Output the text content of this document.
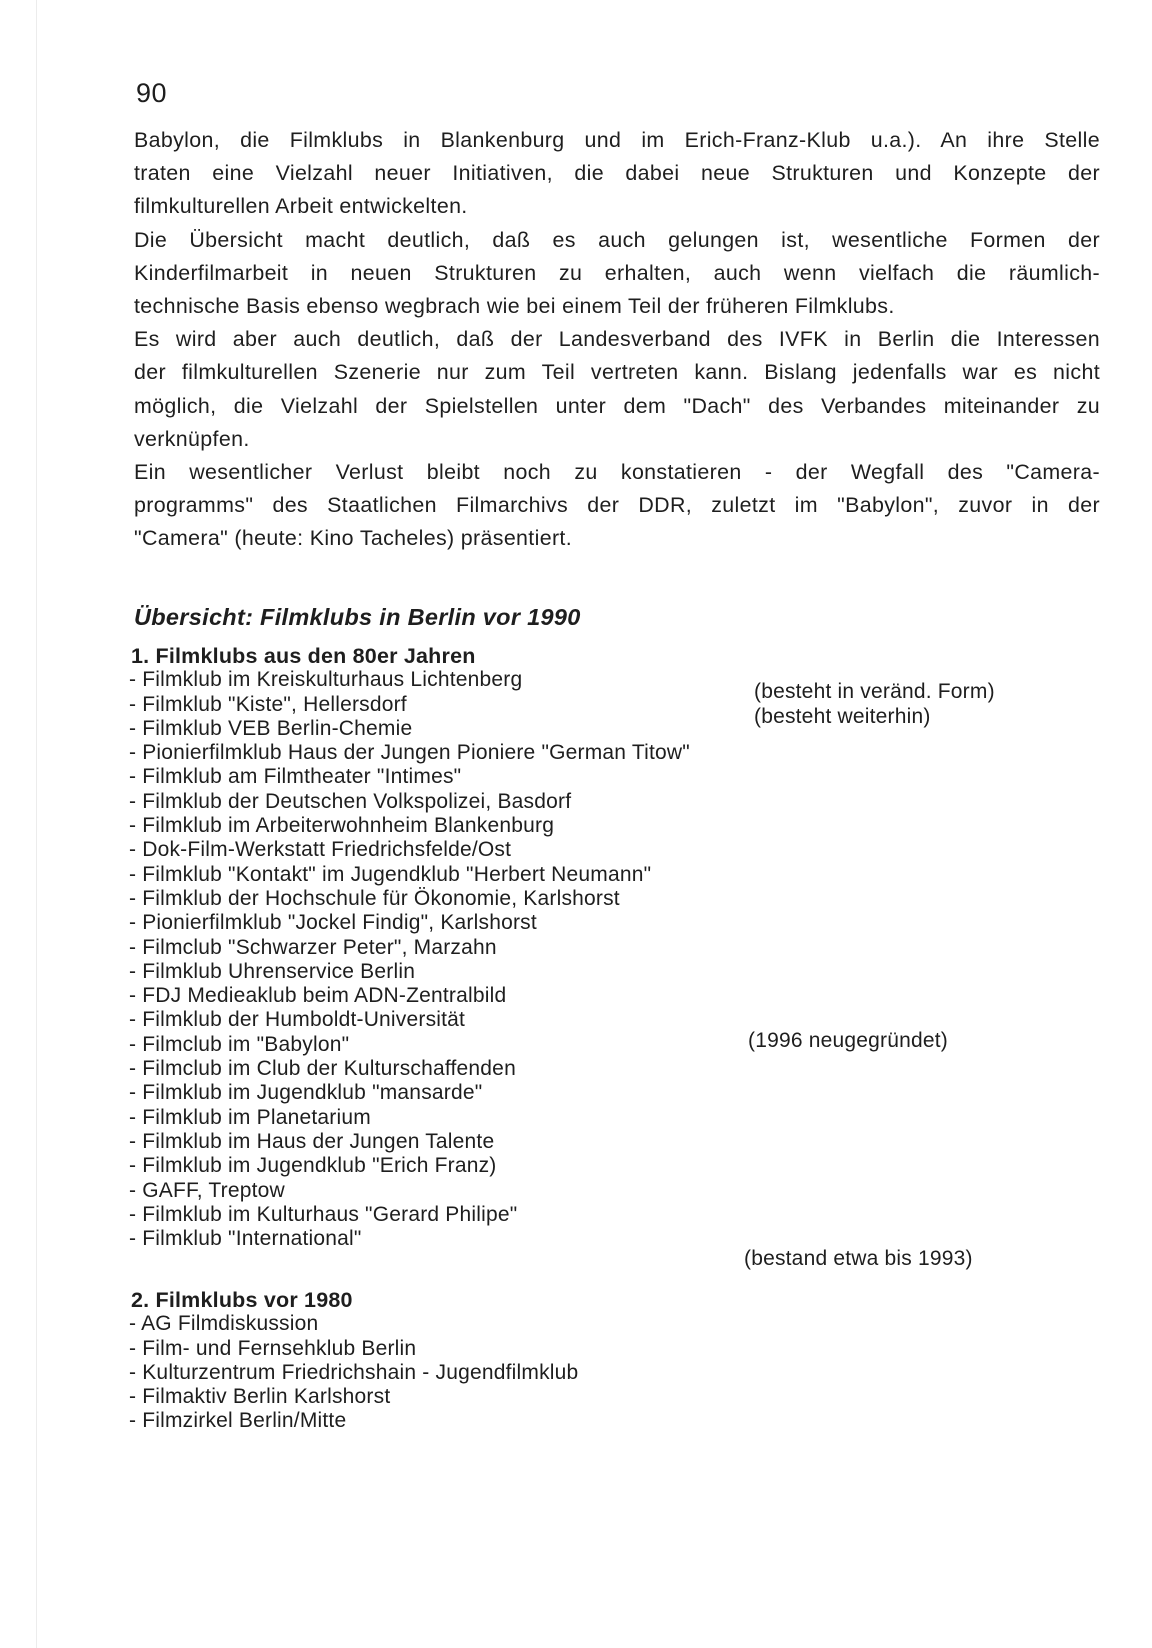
90

Babylon, die Filmklubs in Blankenburg und im Erich-Franz-Klub u.a.). An ihre Stelle
traten eine Vielzahl neuer Initiativen, die dabei neue Strukturen und Konzepte der
filmkulturellen Arbeit entwickelten.

Die Übersicht macht deutlich, daß es auch gelungen ist, wesentliche Formen der
Kinderfilmarbeit in neuen Strukturen zu erhalten, auch wenn vielfach die räumlich-
technische Basis ebenso wegbrach wie bei einem Teil der früheren Filmklubs.

Es wird aber auch deutlich, daß der Landesverband des IVFK in Berlin die Interessen
der filmkulturellen Szenerie nur zum Teil vertreten kann. Bislang jedenfalls war es nicht
möglich, die Vielzahl der Spielstellen unter dem "Dach" des Verbandes miteinander zu
verknüpfen.

Ein wesentlicher Verlust bleibt noch zu konstatieren - der Wegfall des "Camera-
programms" des Staatlichen Filmarchivs der DDR, zuletzt im "Babylon", zuvor in der
"Camera" (heute: Kino Tacheles) präsentiert.

Übersicht: Filmklubs in Berlin vor 1990
1. Filmklubs aus den 80er Jahren
- Filmklub im Kreiskulturhaus Lichtenberg
- Filmklub "Kiste", Hellersdorf
- Filmklub VEB Berlin-Chemie
- Pionierfilmklub Haus der Jungen Pioniere "German Titow"
- Filmklub am Filmtheater "Intimes"
- Filmklub der Deutschen Volkspolizei, Basdorf
- Filmklub im Arbeiterwohnheim Blankenburg
- Dok-Film-Werkstatt Friedrichsfelde/Ost
- Filmklub "Kontakt" im Jugendklub "Herbert Neumann"
- Filmklub der Hochschule für Ökonomie, Karlshorst
- Pionierfilmklub "Jockel Findig", Karlshorst
- Filmclub "Schwarzer Peter", Marzahn
- Filmklub Uhrenservice Berlin
- FDJ Medieaklub beim ADN-Zentralbild
- Filmklub der Humboldt-Universität
- Filmclub im "Babylon"
- Filmclub im Club der Kulturschaffenden
- Filmklub im Jugendklub "mansarde"
- Filmklub im Planetarium
- Filmklub im Haus der Jungen Talente
- Filmklub im Jugendklub "Erich Franz)
- GAFF, Treptow
- Filmklub im Kulturhaus "Gerard Philipe"
- Filmklub "International"
(besteht in veränd. Form)
(besteht weiterhin)
(1996 neugegründet)
(bestand etwa bis 1993)
2. Filmklubs vor 1980
- AG Filmdiskussion
- Film- und Fernsehklub Berlin
- Kulturzentrum Friedrichshain - Jugendfilmklub
- Filmaktiv Berlin Karlshorst
- Filmzirkel Berlin/Mitte
